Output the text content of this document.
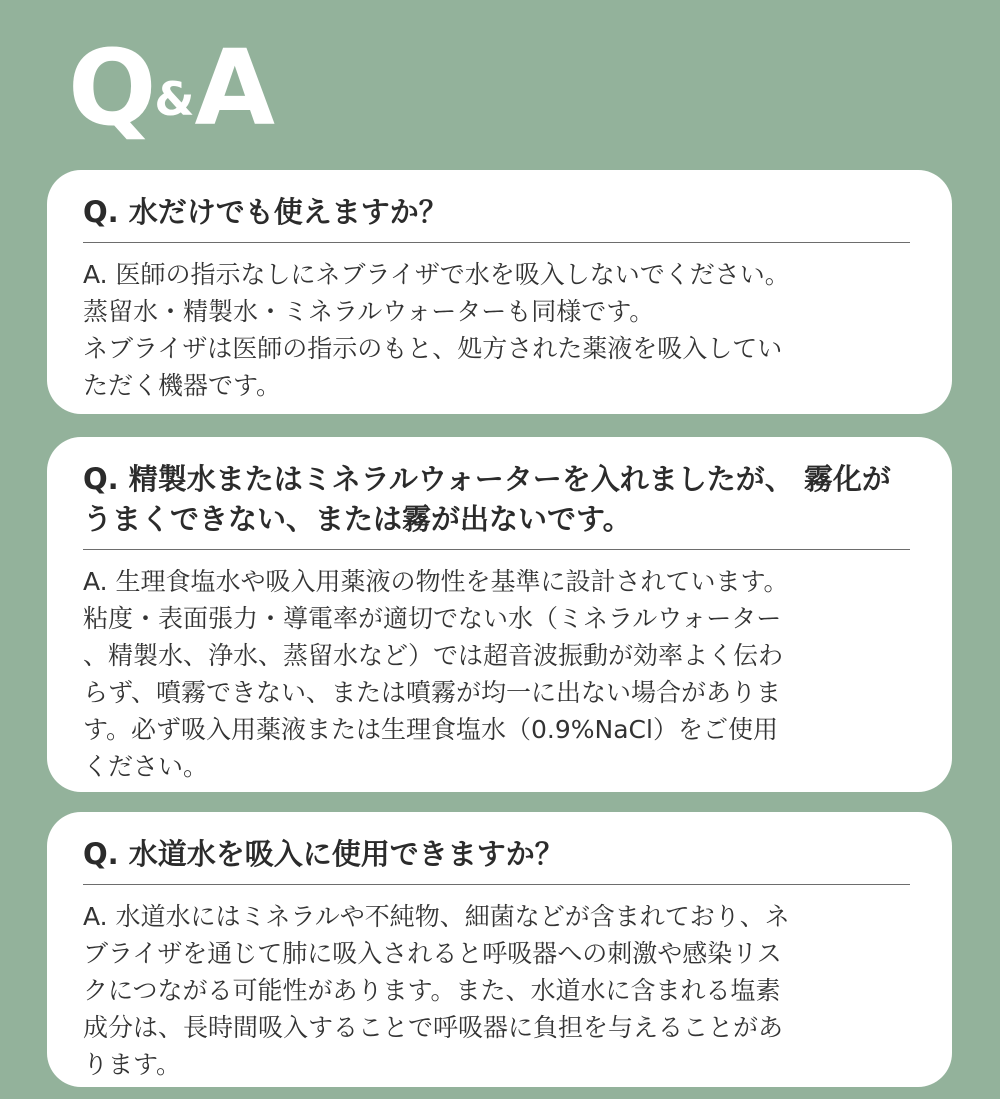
Q & A

Q. 水だけでも使えますか？

A. 医師の指示なしにネブライザで水を吸入しないでください。
蒸留水・精製水・ミネラルウォーターも同様です。
ネブライザは医師の指示のもと、処方された薬液を吸入してい
ただく機器です。

Q. 精製水またはミネラルウォーターを入れましたが、 霧化がうまくできない、または霧が出ないです。

A. 生理食塩水や吸入用薬液の物性を基準に設計されています。
粘度・表面張力・導電率が適切でない水（ミネラルウォーター
、精製水、浄水、蒸留水など）では超音波振動が効率よく伝わ
らず、噴霧できない、または噴霧が均一に出ない場合がありま
す。必ず吸入用薬液または生理食塩水（0.9%NaCl）をご使用
ください。

Q. 水道水を吸入に使用できますか？

A. 水道水にはミネラルや不純物、細菌などが含まれており、ネ
ブライザを通じて肺に吸入されると呼吸器への刺激や感染リス
クにつながる可能性があります。また、水道水に含まれる塩素
成分は、長時間吸入することで呼吸器に負担を与えることがあ
ります。
